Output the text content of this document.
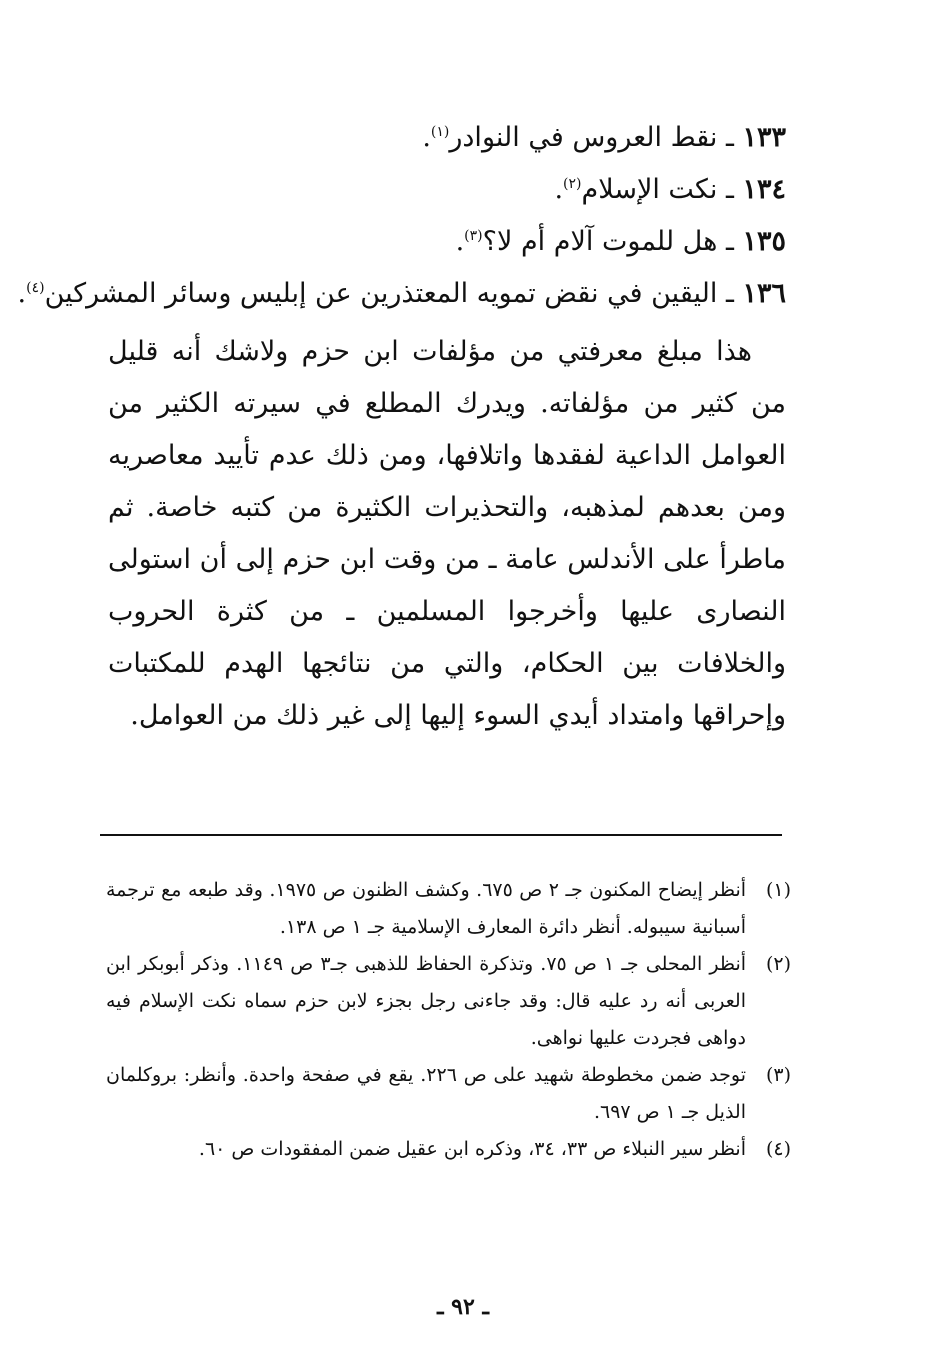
١٣٣ ـ نقط العروس في النوادر$^{(١)}$.
١٣٤ ـ نكت الإسلام$^{(٢)}$.
١٣٥ ـ هل للموت آلام أم لا؟$^{(٣)}$.
١٣٦ ـ اليقين في نقض تمويه المعتذرين عن إبليس وسائر المشركين$^{(٤)}$.

هذا مبلغ معرفتي من مؤلفات ابن حزم ولاشك أنه قليل من كثير من مؤلفاته. ويدرك المطلع في سيرته الكثير من العوامل الداعية لفقدها واتلافها، ومن ذلك عدم تأييد معاصريه ومن بعدهم لمذهبه، والتحذيرات الكثيرة من كتبه خاصة. ثم ماطرأ على الأندلس عامة ـ من وقت ابن حزم إلى أن استولى النصارى عليها وأخرجوا المسلمين ـ من كثرة الحروب والخلافات بين الحكام، والتي من نتائجها الهدم للمكتبات وإحراقها وامتداد أيدي السوء إليها إلى غير ذلك من العوامل.

(١)
أنظر إيضاح المكنون جـ ٢ ص ٦٧٥. وكشف الظنون ص ١٩٧٥. وقد طبعه مع ترجمة أسبانية سيبوله. أنظر دائرة المعارف الإسلامية جـ ١ ص ١٣٨.
(٢)
أنظر المحلى جـ ١ ص ٧٥. وتذكرة الحفاظ للذهبى جـ٣ ص ١١٤٩. وذكر أبوبكر ابن العربى أنه رد عليه قال: وقد جاءنى رجل بجزء لابن حزم سماه نكت الإسلام فيه دواهى فجردت عليها نواهى.
(٣)
توجد ضمن مخطوطة شهيد على ص ٢٢٦. يقع في صفحة واحدة. وأنظر: بروكلمان الذيل جـ ١ ص ٦٩٧.
(٤)
أنظر سير النبلاء ص ٣٣، ٣٤، وذكره ابن عقيل ضمن المفقودات ص ٦٠.
ـ ٩٢ ـ
